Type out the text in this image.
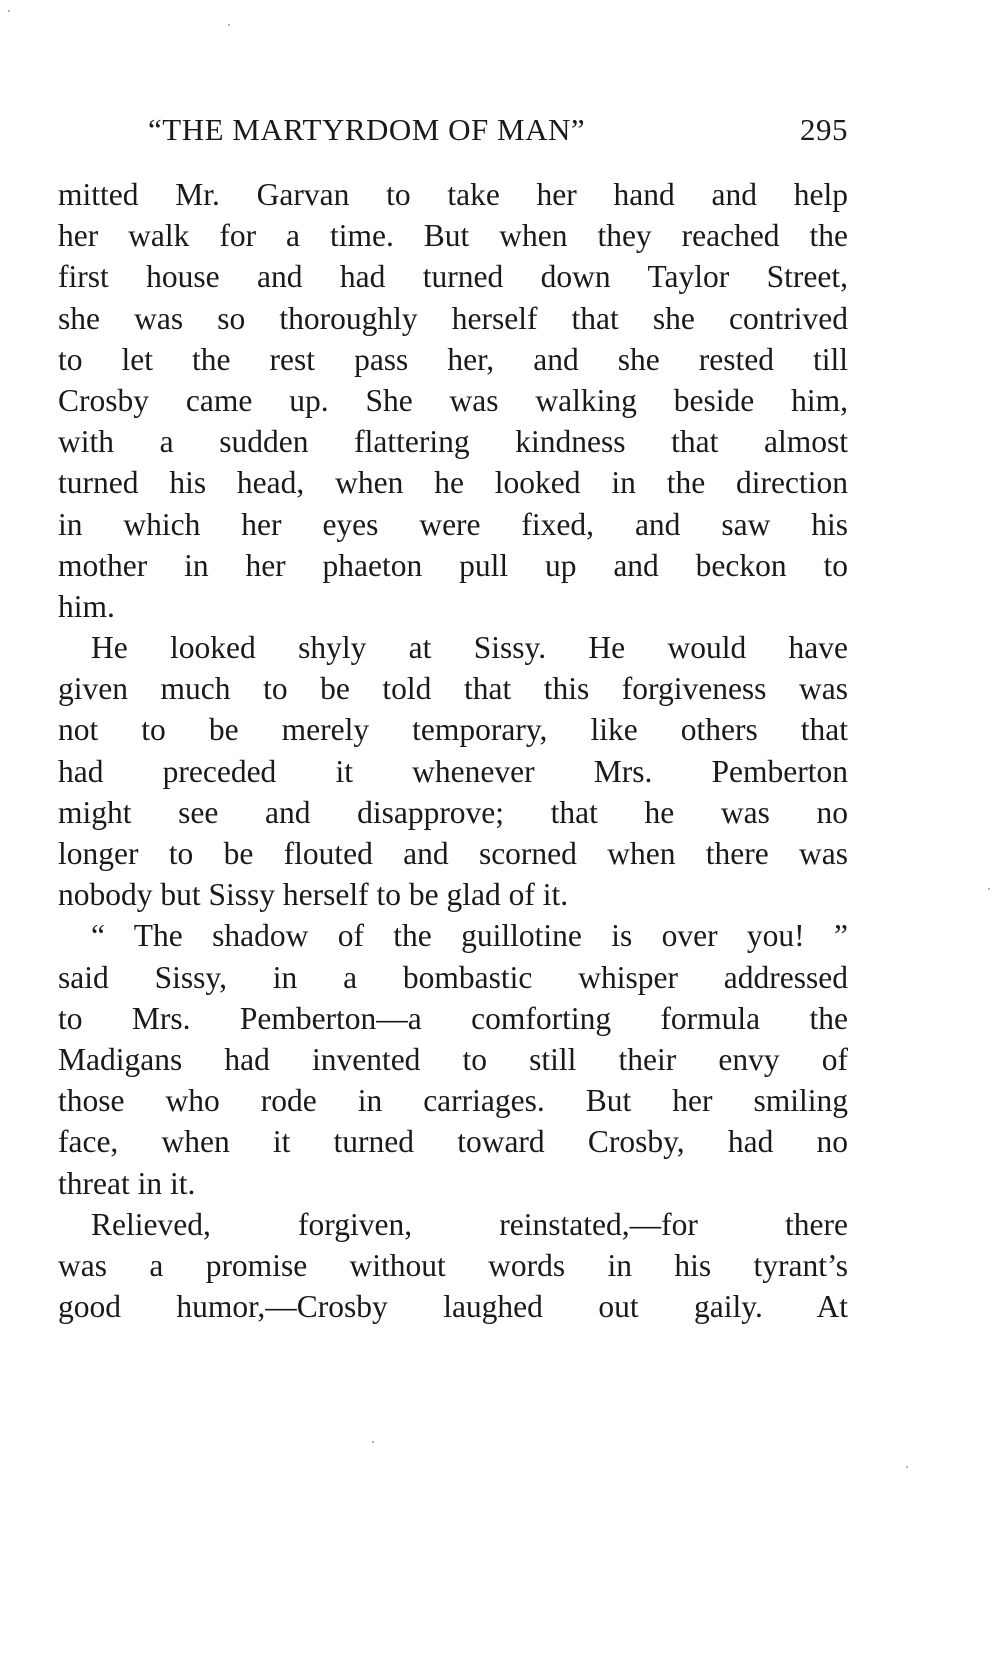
“THE MARTYRDOM OF MAN”	295
mitted Mr. Garvan to take her hand and help
her walk for a time. But when they reached the
first house and had turned down Taylor Street,
she was so thoroughly herself that she contrived
to let the rest pass her, and she rested till
Crosby came up. She was walking beside him,
with a sudden flattering kindness that almost
turned his head, when he looked in the direction
in which her eyes were fixed, and saw his
mother in her phaeton pull up and beckon to
him.
He looked shyly at Sissy. He would have
given much to be told that this forgiveness was
not to be merely temporary, like others that
had preceded it whenever Mrs. Pemberton
might see and disapprove; that he was no
longer to be flouted and scorned when there was
nobody but Sissy herself to be glad of it.
“ The shadow of the guillotine is over you! ”
said Sissy, in a bombastic whisper addressed
to Mrs. Pemberton—a comforting formula the
Madigans had invented to still their envy of
those who rode in carriages. But her smiling
face, when it turned toward Crosby, had no
threat in it.
Relieved, forgiven, reinstated,—for there
was a promise without words in his tyrant’s
good humor,—Crosby laughed out gaily. At
